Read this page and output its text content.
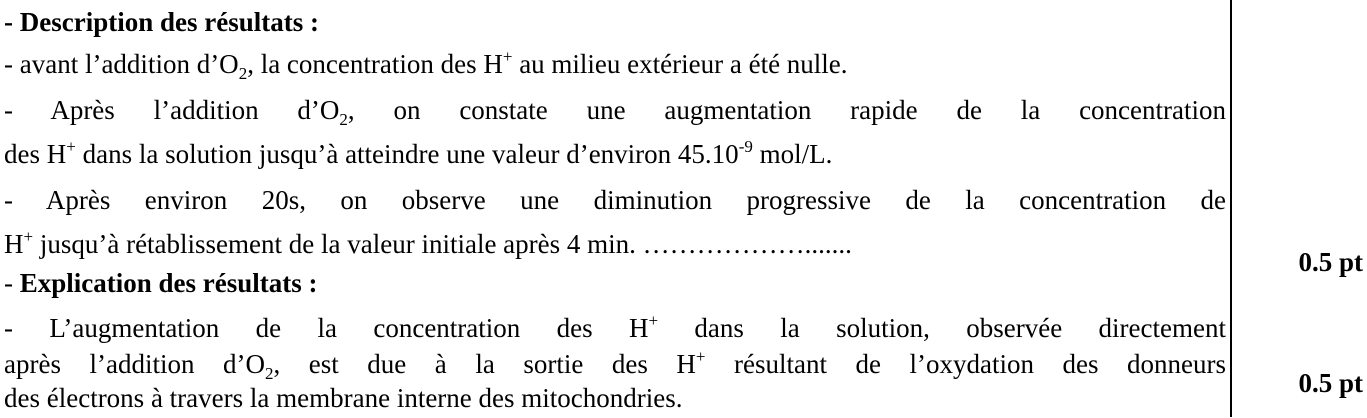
- Description des résultats :
- avant l’addition $d’O_2$, la concentration des H+ au milieu extérieur a été nulle.
- Après l’addition $d’O_2$, on constate une augmentation rapide de la concentration
des H+ dans la solution jusqu’à atteindre une valeur d’environ $45.10^{-9}$ mol/L.
- Après environ 20s, on observe une diminution progressive de la concentration de
H+ jusqu’à rétablissement de la valeur initiale après 4 min. ……………….......
- Explication des résultats :
- L’augmentation de la concentration des H+ dans la solution, observée directement
après l’addition $d’O_2$, est due à la sortie des H+ résultant de l’oxydation des donneurs
des électrons à travers la membrane interne des mitochondries.
0.5 pt
0.5 pt
